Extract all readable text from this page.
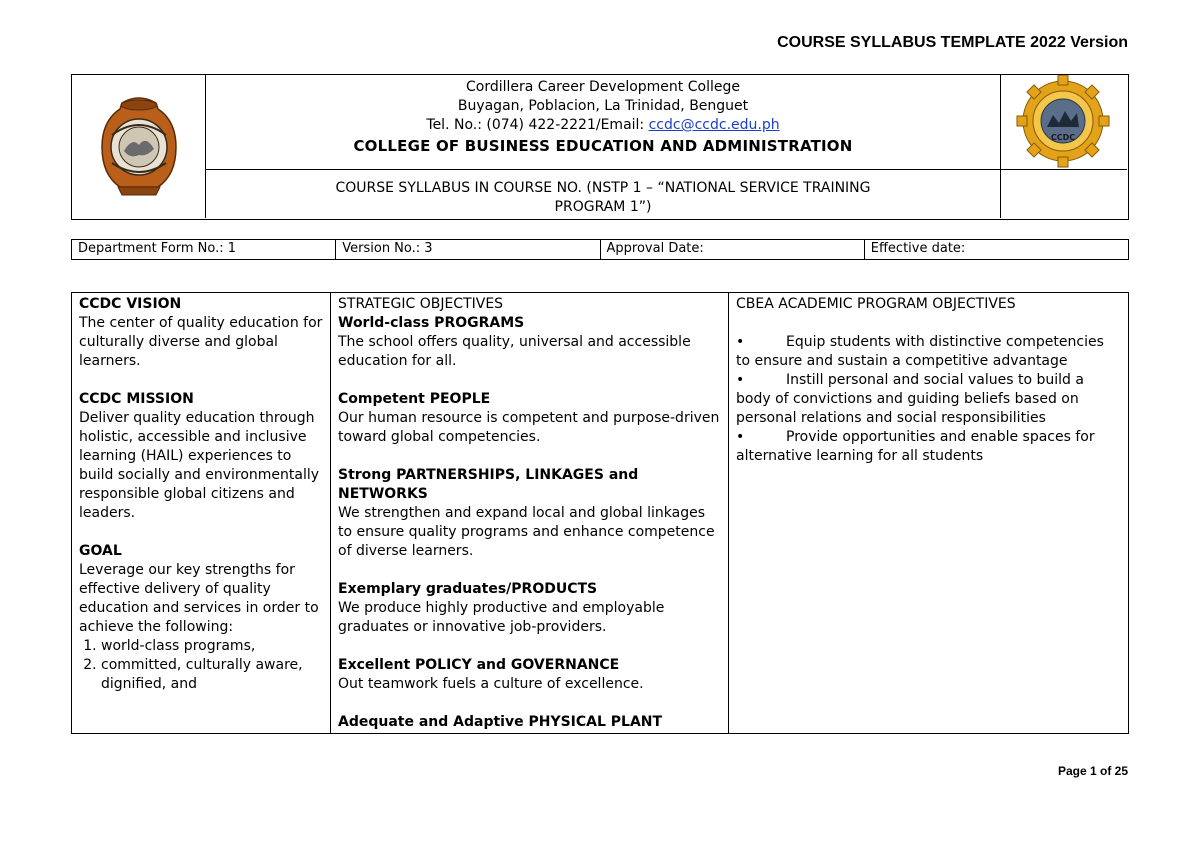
COURSE SYLLABUS TEMPLATE 2022 Version
Cordillera Career Development College
Buyagan, Poblacion, La Trinidad, Benguet
Tel. No.: (074) 422-2221/Email: ccdc@ccdc.edu.ph
COLLEGE OF BUSINESS EDUCATION AND ADMINISTRATION
COURSE SYLLABUS IN COURSE NO. (NSTP 1 – “NATIONAL SERVICE TRAINING
PROGRAM 1”)
CCDC
Department Form No.: 1	Version No.: 3	Approval Date:	Effective date:
CCDC VISION
The center of quality education for culturally diverse and global learners.
CCDC MISSION
Deliver quality education through holistic, accessible and inclusive learning (HAIL) experiences to build socially and environmentally responsible global citizens and leaders.
GOAL
Leverage our key strengths for effective delivery of quality education and services in order to achieve the following:
1. world-class programs,
2. committed, culturally aware, dignified, and
STRATEGIC OBJECTIVES
World-class PROGRAMS
The school offers quality, universal and accessible education for all.
Competent PEOPLE
Our human resource is competent and purpose-driven toward global competencies.
Strong PARTNERSHIPS, LINKAGES and NETWORKS
We strengthen and expand local and global linkages to ensure quality programs and enhance competence of diverse learners.
Exemplary graduates/PRODUCTS
We produce highly productive and employable graduates or innovative job-providers.
Excellent POLICY and GOVERNANCE
Out teamwork fuels a culture of excellence.
Adequate and Adaptive PHYSICAL PLANT
CBEA ACADEMIC PROGRAM OBJECTIVES
•	Equip students with distinctive competencies to ensure and sustain a competitive advantage
•	Instill personal and social values to build a body of convictions and guiding beliefs based on personal relations and social responsibilities
•	Provide opportunities and enable spaces for alternative learning for all students
Page 1 of 25
